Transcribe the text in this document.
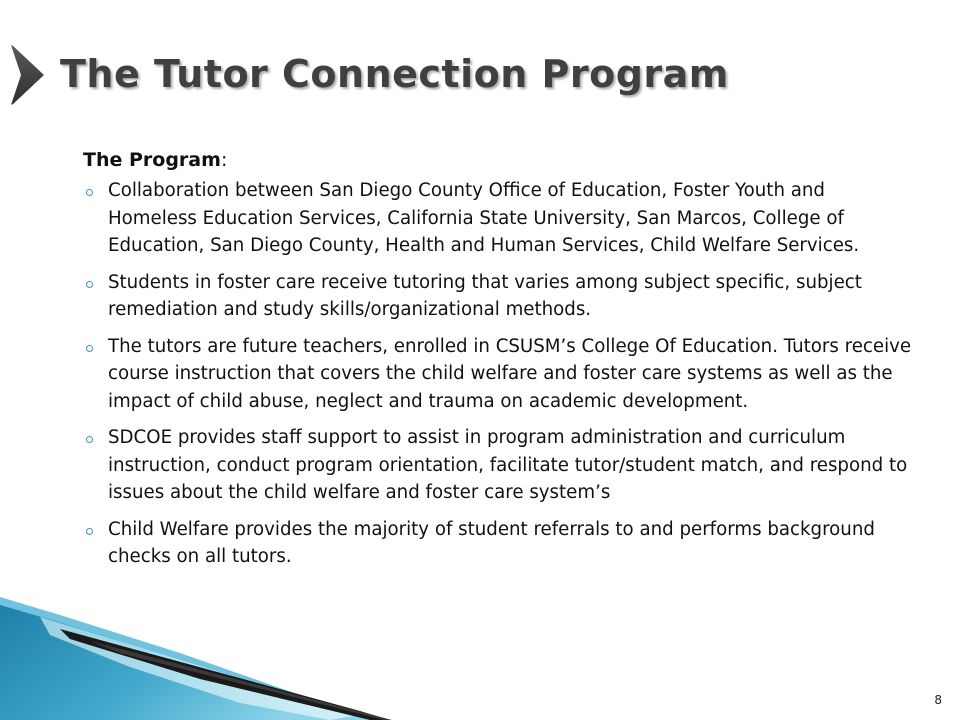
The Tutor Connection Program

The Program:

Collaboration between San Diego County Office of Education, Foster Youth and Homeless Education Services, California State University, San Marcos, College of Education, San Diego County, Health and Human Services, Child Welfare Services.
Students in foster care receive tutoring that varies among subject specific, subject remediation and study skills/organizational methods.
The tutors are future teachers, enrolled in CSUSM’s College Of Education. Tutors receive course instruction that covers the child welfare and foster care systems as well as the impact of child abuse, neglect and trauma on academic development.
SDCOE provides staff support to assist in program administration and curriculum instruction, conduct program orientation, facilitate tutor/student match, and respond to issues about the child welfare and foster care system’s
Child Welfare provides the majority of student referrals to and performs background checks on all tutors.
8
